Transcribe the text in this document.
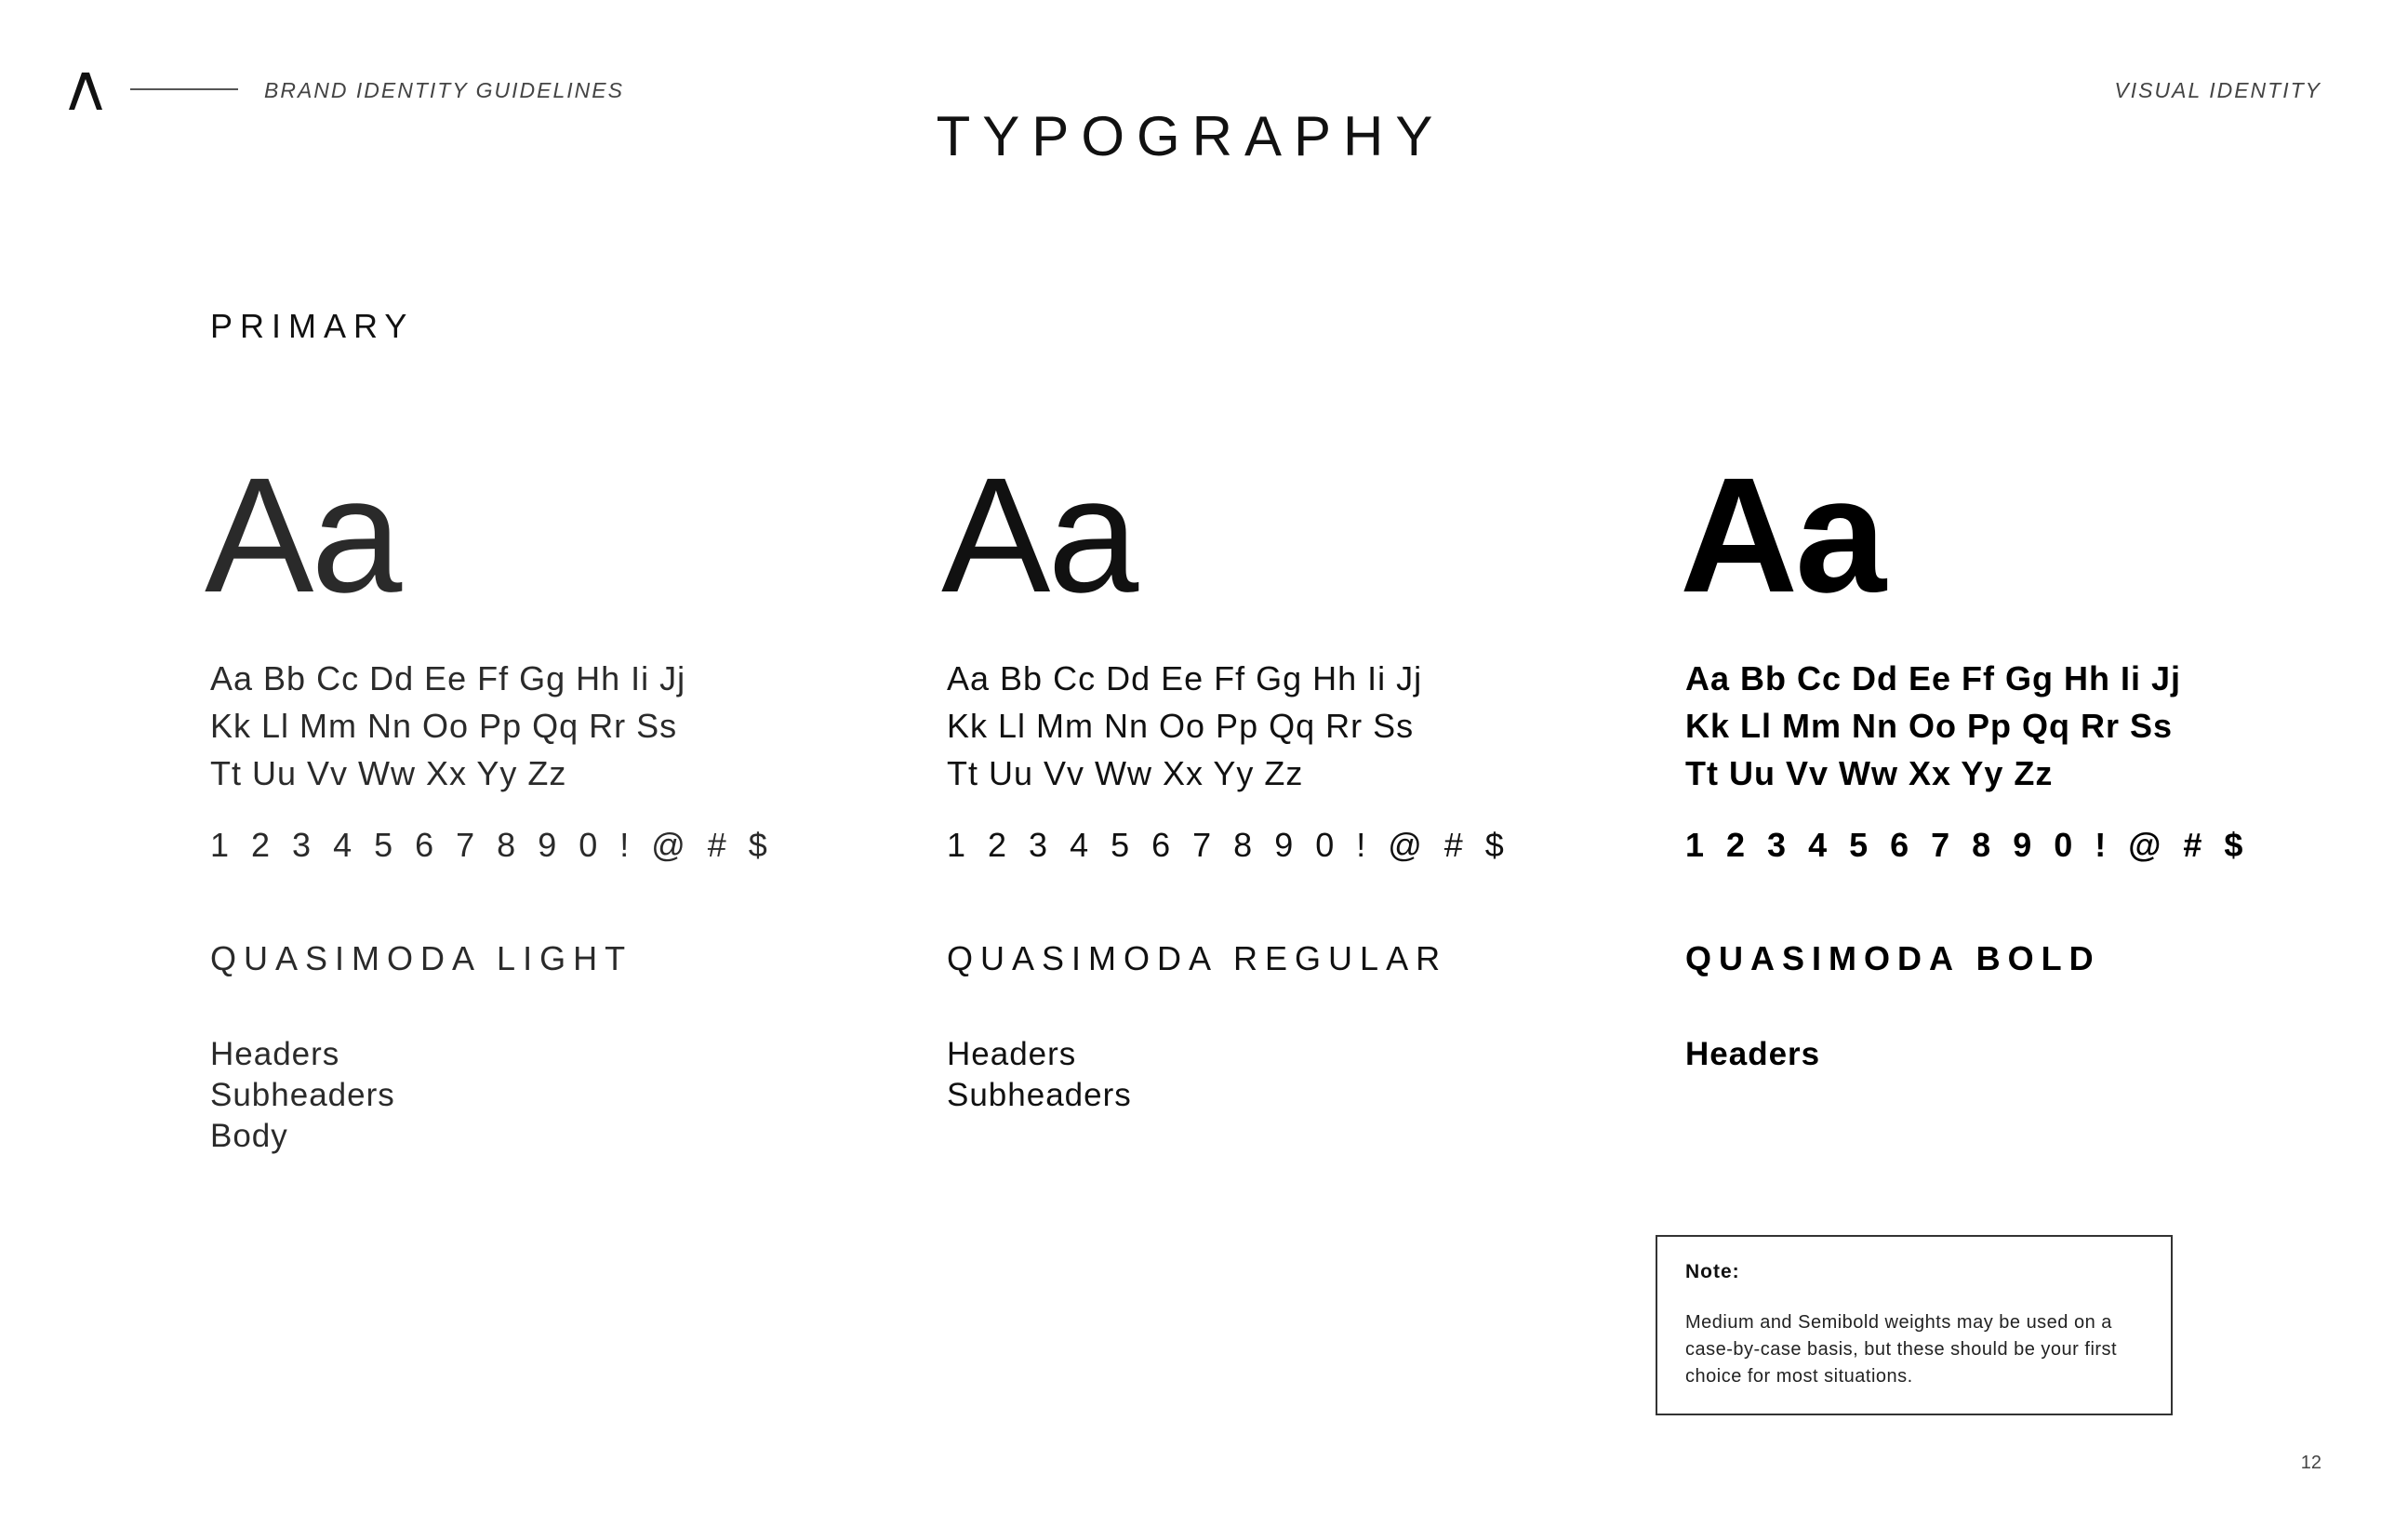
BRAND IDENTITY GUIDELINES	VISUAL IDENTITY
TYPOGRAPHY
PRIMARY
Aa
Aa Bb Cc Dd Ee Ff Gg Hh Ii Jj
Kk Ll Mm Nn Oo Pp Qq Rr Ss
Tt Uu Vv Ww Xx Yy Zz
1 2 3 4 5 6 7 8 9 0 ! @ # $
QUASIMODA LIGHT
Headers
Subheaders
Body
Aa
Aa Bb Cc Dd Ee Ff Gg Hh Ii Jj
Kk Ll Mm Nn Oo Pp Qq Rr Ss
Tt Uu Vv Ww Xx Yy Zz
1 2 3 4 5 6 7 8 9 0 ! @ # $
QUASIMODA REGULAR
Headers
Subheaders
Aa
Aa Bb Cc Dd Ee Ff Gg Hh Ii Jj
Kk Ll Mm Nn Oo Pp Qq Rr Ss
Tt Uu Vv Ww Xx Yy Zz
1 2 3 4 5 6 7 8 9 0 ! @ # $
QUASIMODA BOLD
Headers

Note:

Medium and Semibold weights may be used on a case-by-case basis, but these should be your first choice for most situations.

12
